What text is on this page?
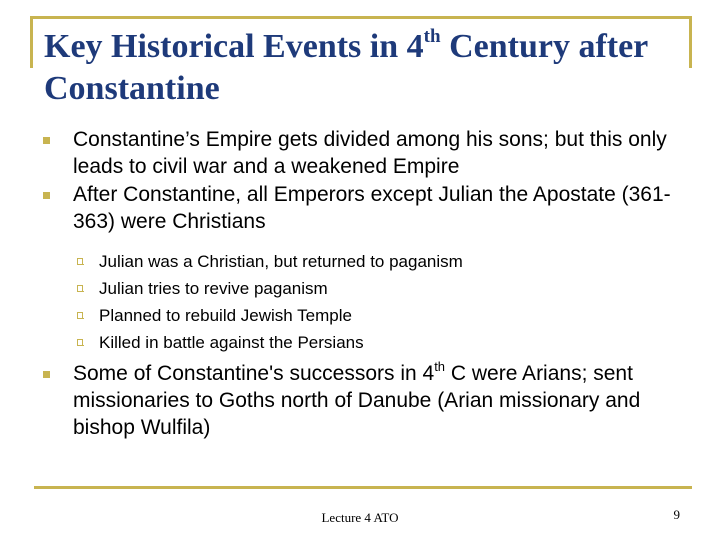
Key Historical Events in 4th Century after Constantine

Constantine’s Empire gets divided among his sons; but this only leads to civil war and a weakened Empire

After Constantine, all Emperors except Julian the Apostate (361-363) were Christians

Julian was a Christian, but returned to paganism

Julian tries to revive paganism

Planned to rebuild Jewish Temple

Killed in battle against the Persians

Some of Constantine's successors in 4th C were Arians; sent missionaries to Goths north of Danube (Arian missionary and bishop Wulfila)

Lecture 4 ATO	9
